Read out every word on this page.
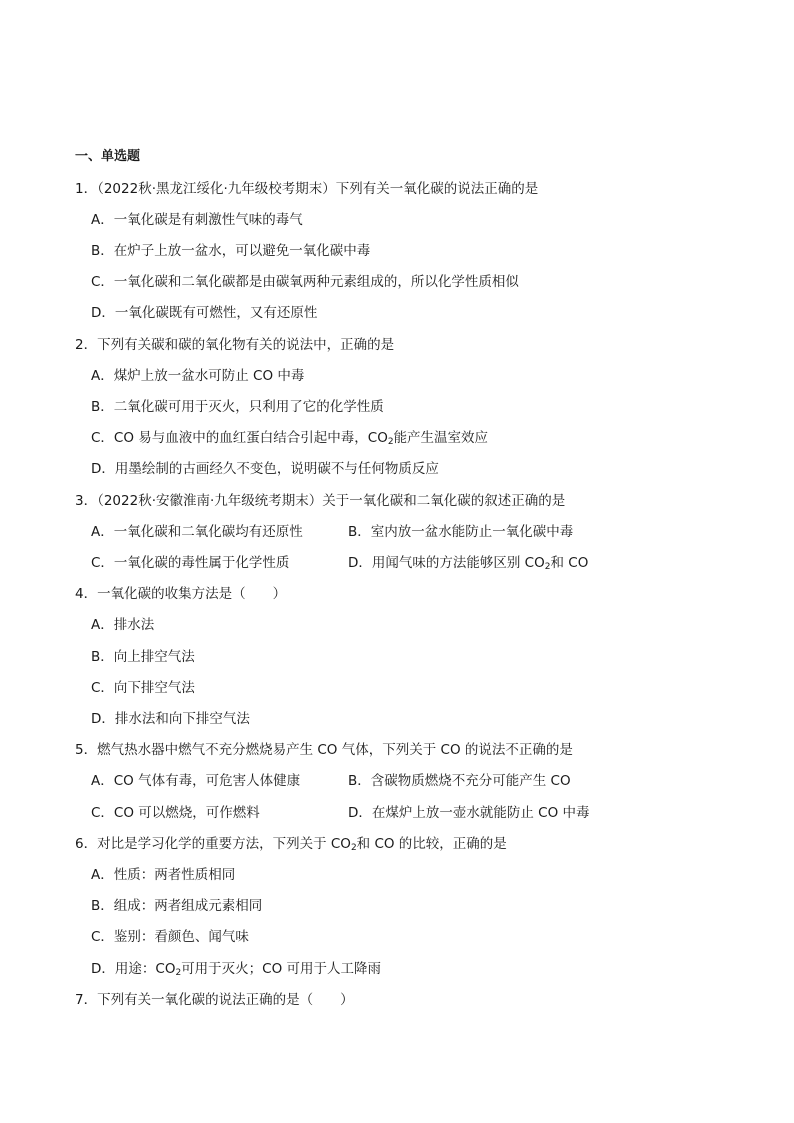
一、单选题
1．（2022秋·黑龙江绥化·九年级校考期末）下列有关一氧化碳的说法正确的是
A．一氧化碳是有刺激性气味的毒气
B．在炉子上放一盆水，可以避免一氧化碳中毒
C．一氧化碳和二氧化碳都是由碳氧两种元素组成的，所以化学性质相似
D．一氧化碳既有可燃性，又有还原性
2．下列有关碳和碳的氧化物有关的说法中，正确的是
A．煤炉上放一盆水可防止 CO 中毒
B．二氧化碳可用于灭火，只利用了它的化学性质
C．CO 易与血液中的血红蛋白结合引起中毒，$CO_2$能产生温室效应
D．用墨绘制的古画经久不变色，说明碳不与任何物质反应
3．（2022秋·安徽淮南·九年级统考期末）关于一氧化碳和二氧化碳的叙述正确的是
A．一氧化碳和二氧化碳均有还原性	B．室内放一盆水能防止一氧化碳中毒
C．一氧化碳的毒性属于化学性质	D．用闻气味的方法能够区别 $CO_2$和 CO
4．一氧化碳的收集方法是（　　）
A．排水法
B．向上排空气法
C．向下排空气法
D．排水法和向下排空气法
5．燃气热水器中燃气不充分燃烧易产生 CO 气体，下列关于 CO 的说法不正确的是
A．CO 气体有毒，可危害人体健康	B．含碳物质燃烧不充分可能产生 CO
C．CO 可以燃烧，可作燃料	D．在煤炉上放一壶水就能防止 CO 中毒
6．对比是学习化学的重要方法，下列关于 $CO_2$和 CO 的比较，正确的是
A．性质：两者性质相同
B．组成：两者组成元素相同
C．鉴别：看颜色、闻气味
D．用途：$CO_2$可用于灭火；CO 可用于人工降雨
7．下列有关一氧化碳的说法正确的是（　　）
